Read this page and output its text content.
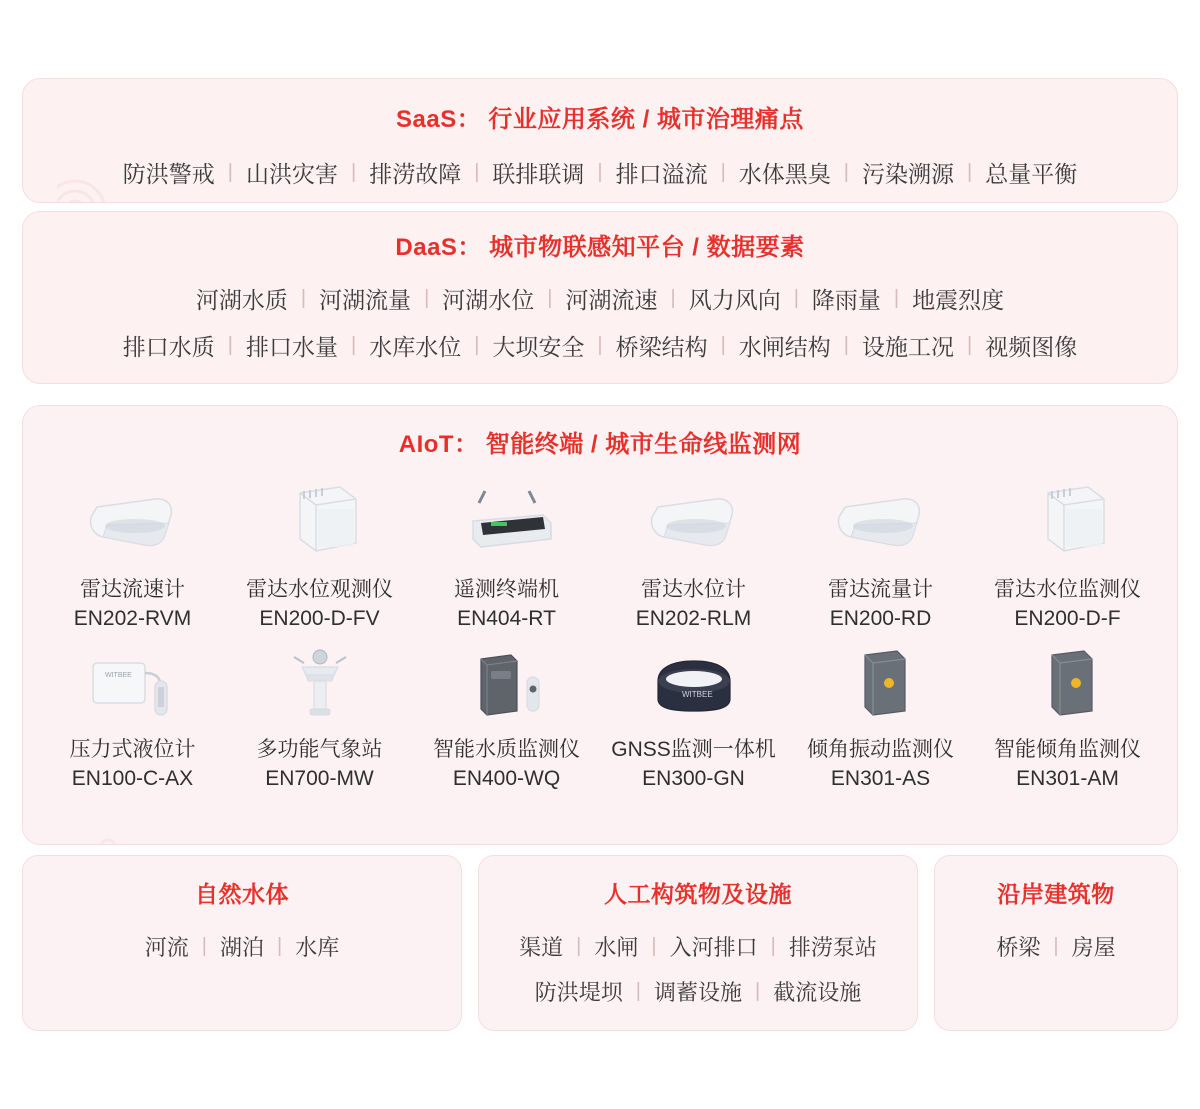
SaaS： 行业应用系统 / 城市治理痛点
防洪警戒 | 山洪灾害 | 排涝故障 | 联排联调 | 排口溢流 | 水体黑臭 | 污染溯源 | 总量平衡
DaaS： 城市物联感知平台 / 数据要素
河湖水质 | 河湖流量 | 河湖水位 | 河湖流速 | 风力风向 | 降雨量 | 地震烈度
排口水质 | 排口水量 | 水库水位 | 大坝安全 | 桥梁结构 | 水闸结构 | 设施工况 | 视频图像
AIoT： 智能终端 / 城市生命线监测网
雷达流速计
EN202-RVM
雷达水位观测仪
EN200-D-FV
遥测终端机
EN404-RT
雷达水位计
EN202-RLM
雷达流量计
EN200-RD
雷达水位监测仪
EN200-D-F
WITBEE
压力式液位计
EN100-C-AX
多功能气象站
EN700-MW
智能水质监测仪
EN400-WQ
WITBEE
GNSS监测一体机
EN300-GN
倾角振动监测仪
EN301-AS
智能倾角监测仪
EN301-AM
自然水体
河流 | 湖泊 | 水库
人工构筑物及设施
渠道 | 水闸 | 入河排口 | 排涝泵站
防洪堤坝 | 调蓄设施 | 截流设施
沿岸建筑物
桥梁 | 房屋
